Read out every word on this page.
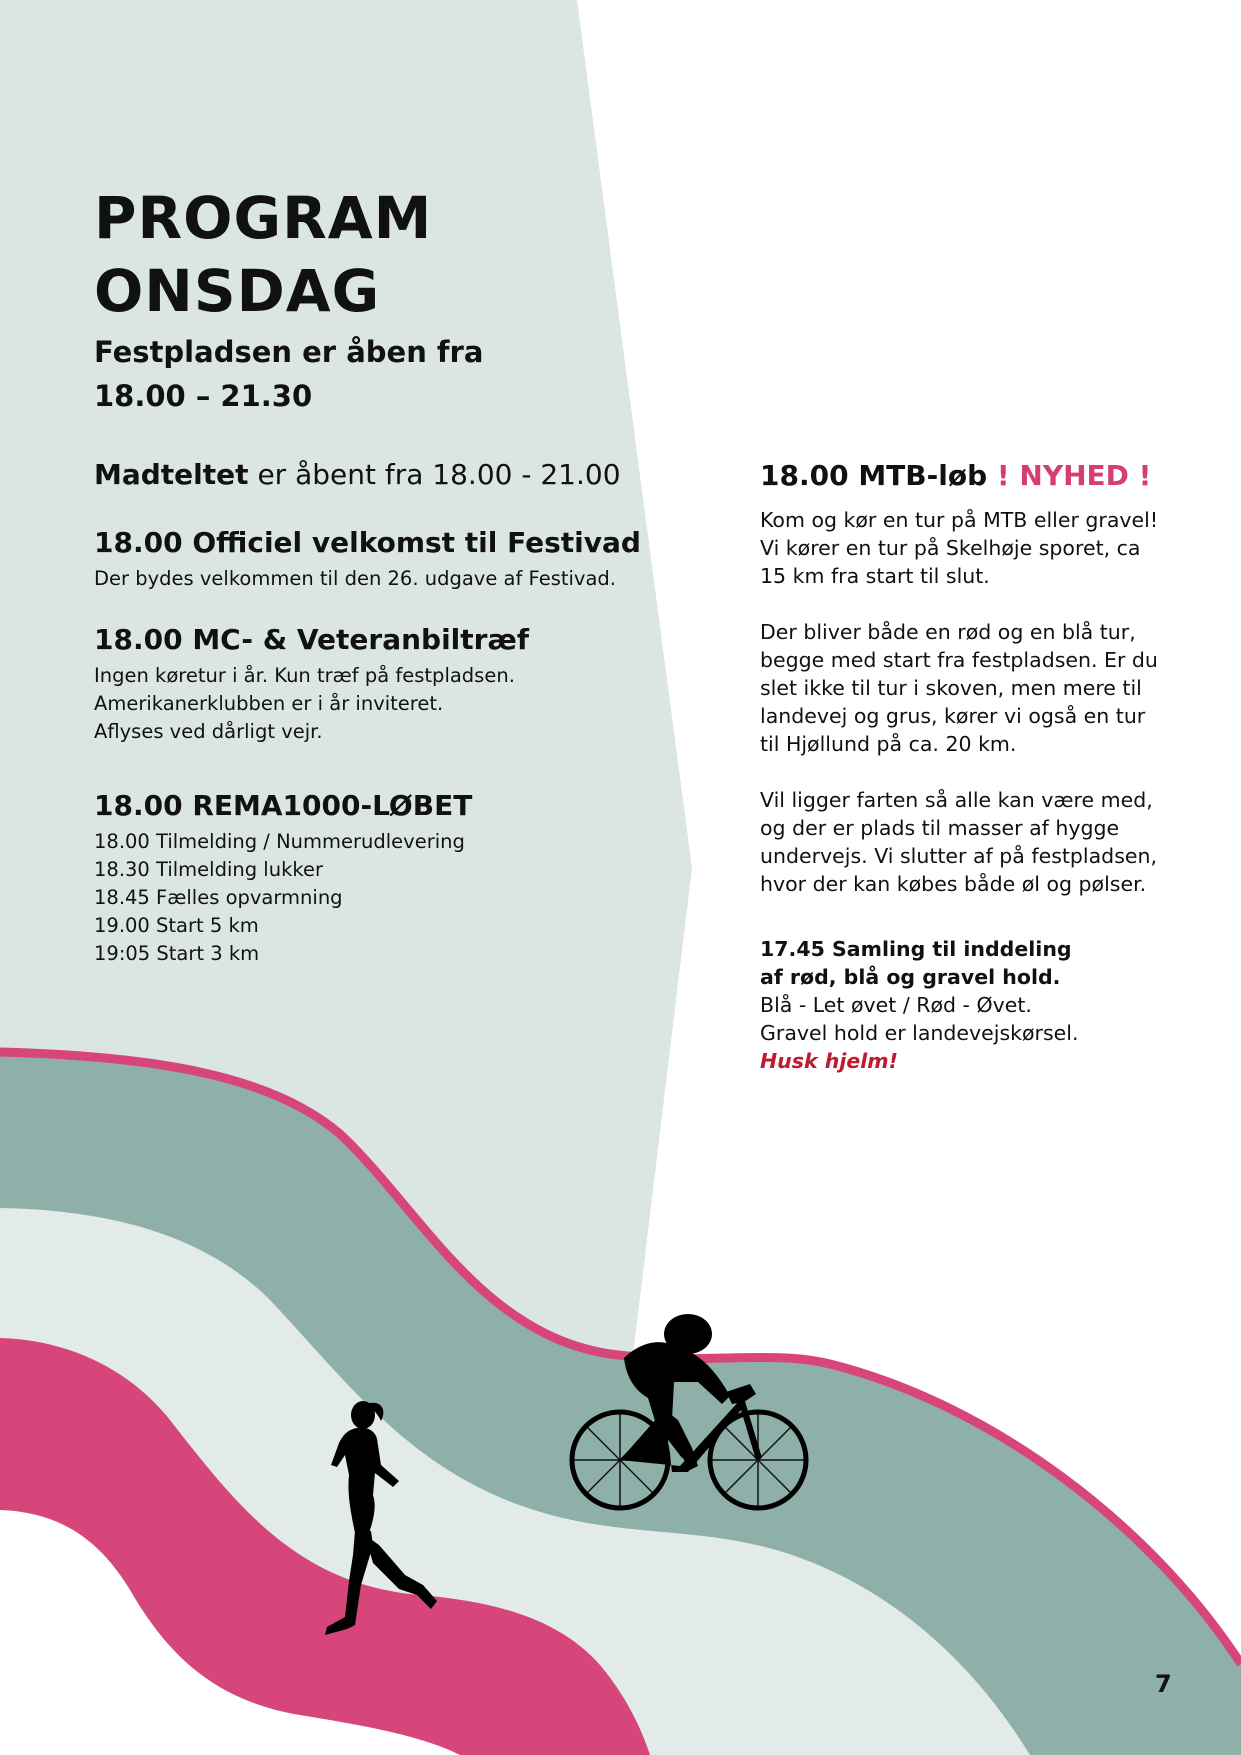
PROGRAM
ONSDAG

Festpladsen er åben fra
18.00 – 21.30

Madteltet er åbent fra 18.00 - 21.00

18.00 Officiel velkomst til Festivad

Der bydes velkommen til den 26. udgave af Festivad.

18.00 MC- & Veteranbiltræf

Ingen køretur i år. Kun træf på festpladsen.
Amerikanerklubben er i år inviteret.
Aflyses ved dårligt vejr.

18.00 REMA1000-LØBET

18.00 Tilmelding / Nummerudlevering
18.30 Tilmelding lukker
18.45 Fælles opvarmning
19.00 Start 5 km
19:05 Start 3 km

18.00 MTB-løb ! NYHED !

Kom og kør en tur på MTB eller gravel!
Vi kører en tur på Skelhøje sporet, ca
15 km fra start til slut.

Der bliver både en rød og en blå tur,
begge med start fra festpladsen. Er du
slet ikke til tur i skoven, men mere til
landevej og grus, kører vi også en tur
til Hjøllund på ca. 20 km.

Vil ligger farten så alle kan være med,
og der er plads til masser af hygge
undervejs. Vi slutter af på festpladsen,
hvor der kan købes både øl og pølser.

17.45 Samling til inddeling
af rød, blå og gravel hold.
Blå - Let øvet / Rød - Øvet.
Gravel hold er landevejskørsel.
Husk hjelm!

7
